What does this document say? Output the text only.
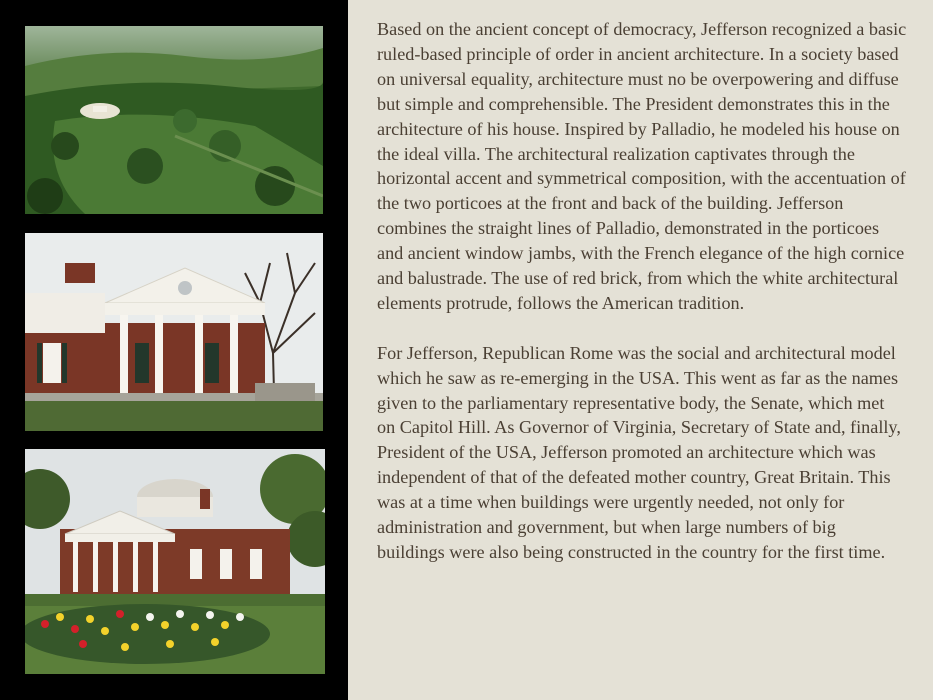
Based on the ancient concept of democracy, Jefferson recognized a basic ruled-based principle of order in ancient architecture. In a society based on universal equality, architecture must no be overpowering and diffuse but simple and comprehensible. The President demonstrates this in the architecture of his house. Inspired by Palladio, he modeled his house on the ideal villa. The architectural realization captivates through the horizontal accent and symmetrical composition, with the accentuation of the two porticoes at the front and back of the building. Jefferson combines the straight lines of Palladio, demonstrated in the porticoes and ancient window jambs, with the French elegance of the high cornice and balustrade. The use of red brick, from which the white architectural elements protrude, follows the American tradition.

For Jefferson, Republican Rome was the social and architectural model which he saw as re-emerging in the USA. This went as far as the names given to the parliamentary representative body, the Senate, which met on Capitol Hill. As Governor of Virginia, Secretary of State and, finally, President of the USA, Jefferson promoted an architecture which was independent of that of the defeated mother country, Great Britain. This was at a time when buildings were urgently needed, not only for administration and government, but when large numbers of big buildings were also being constructed in the country for the first time.
